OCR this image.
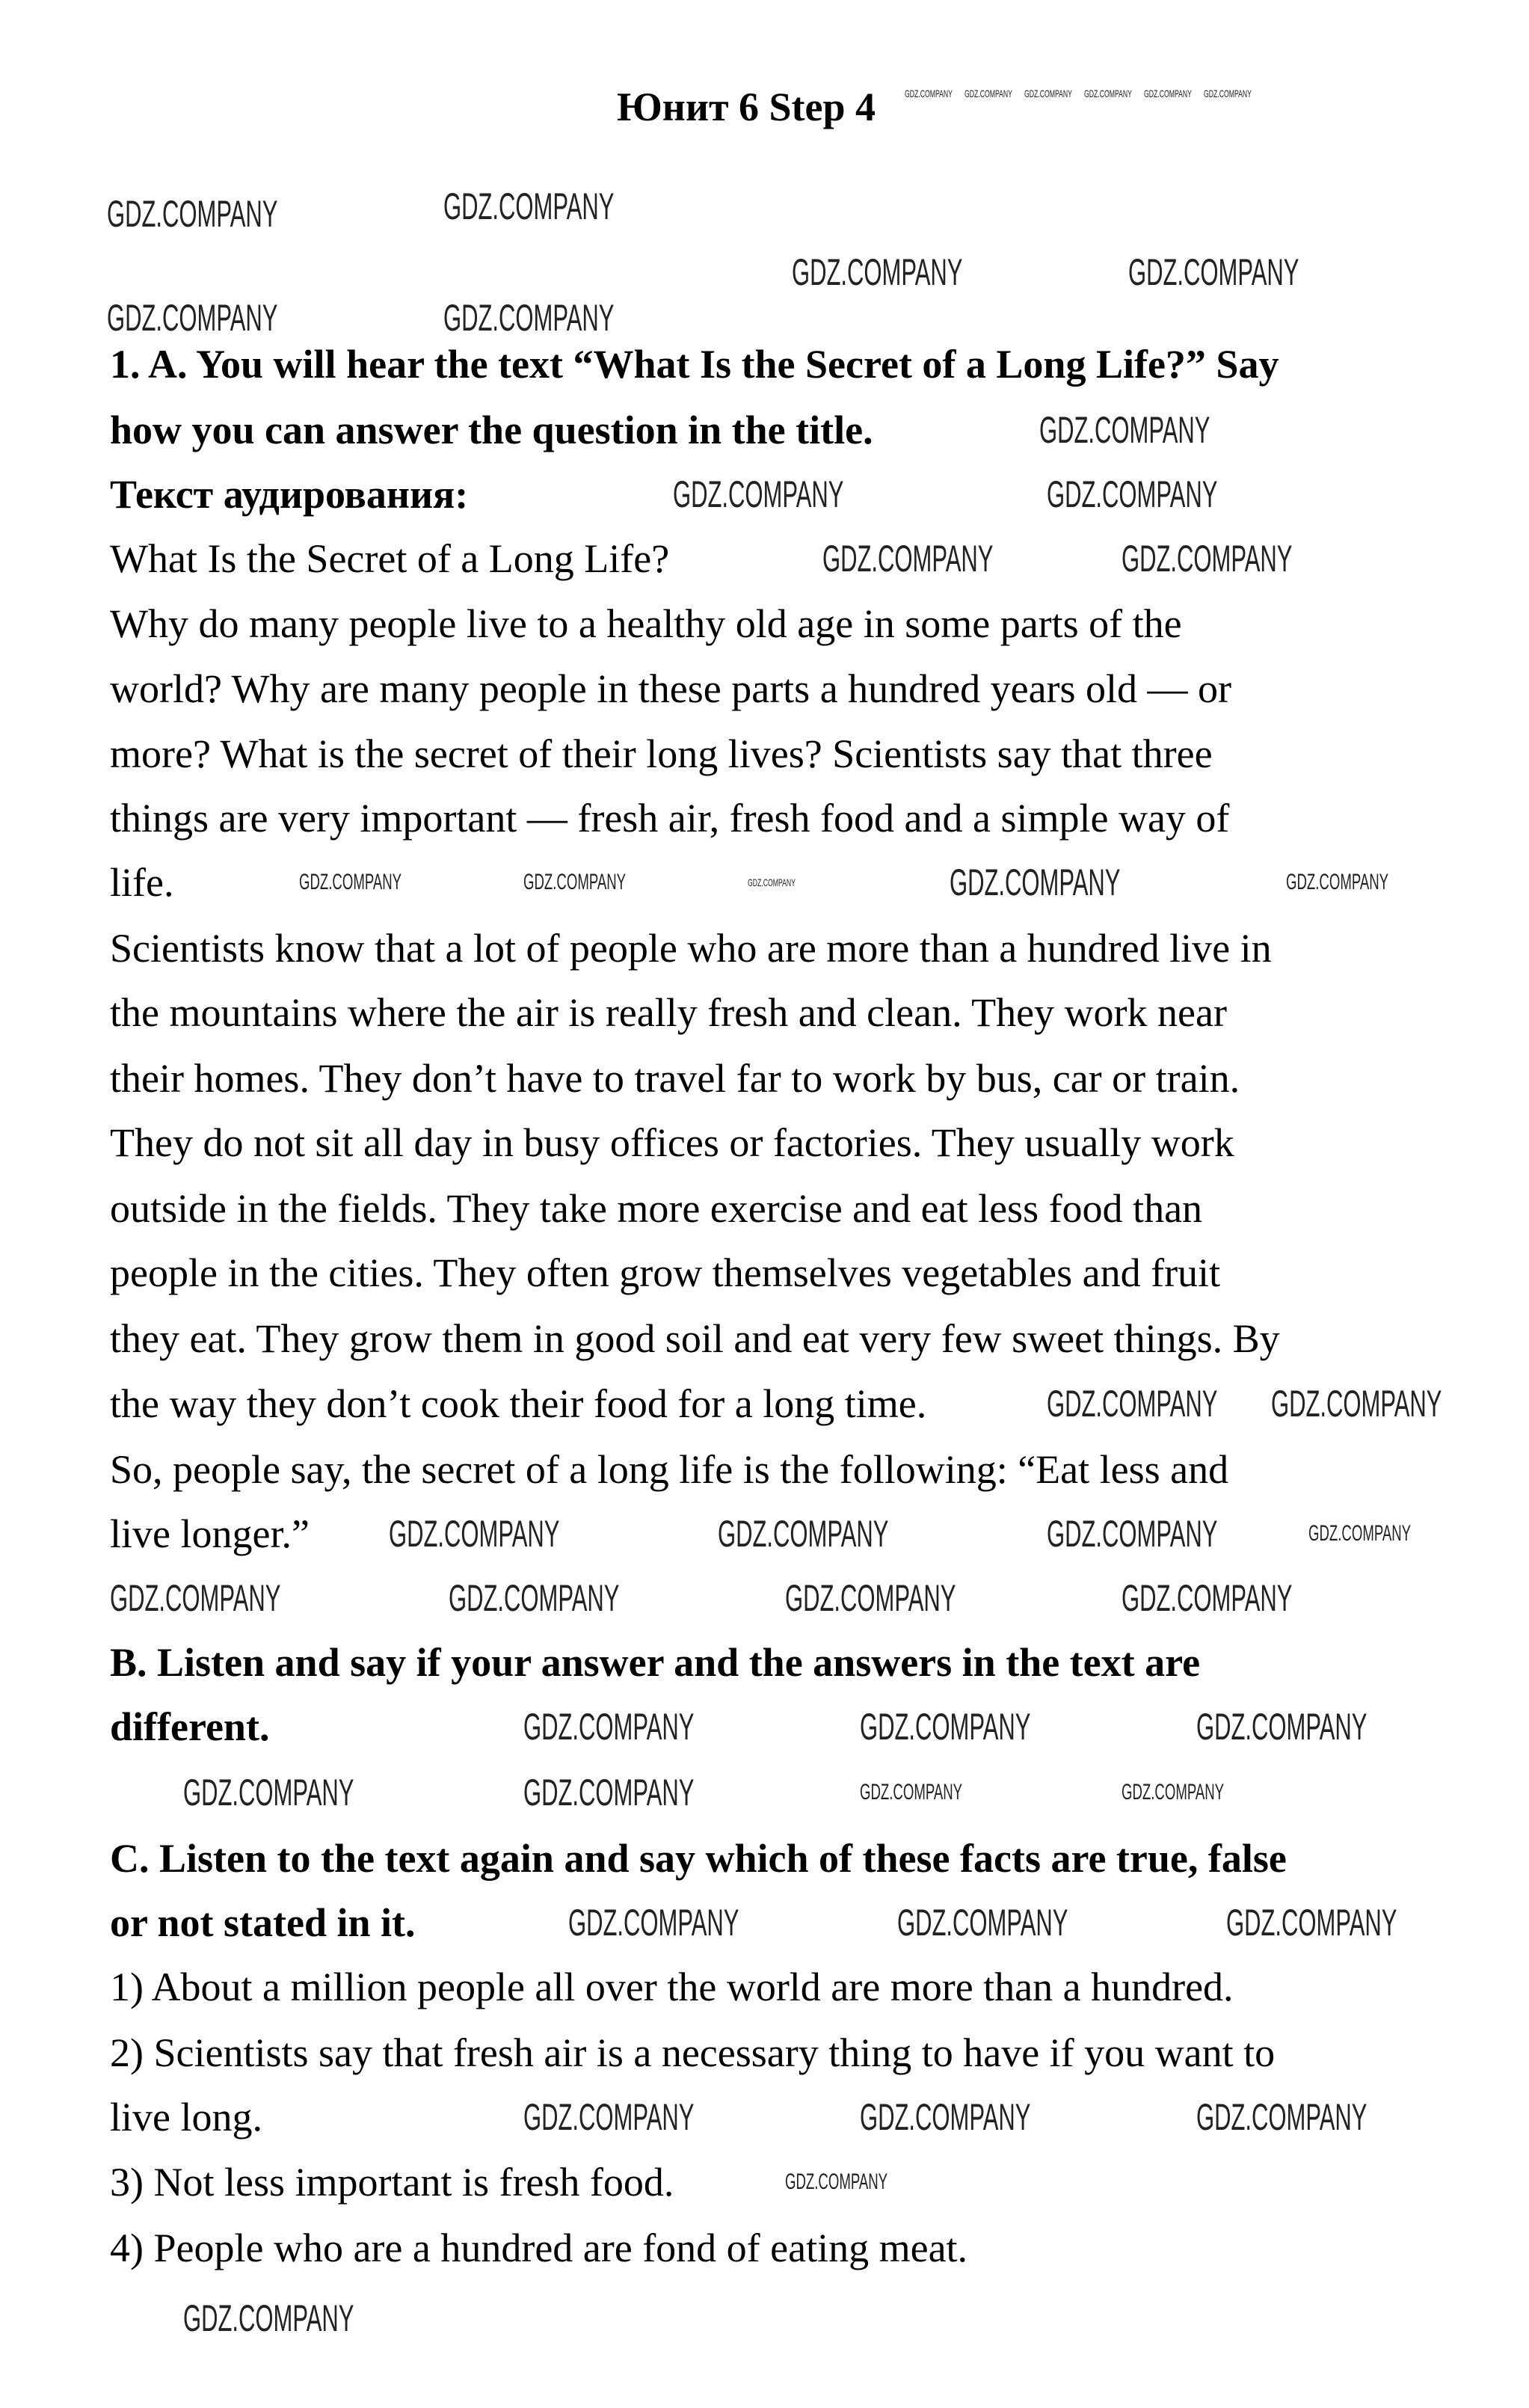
Юнит 6 Step 4
1. A. You will hear the text “What Is the Secret of a Long Life?” Say
how you can answer the question in the title.
Текст аудирования:
What Is the Secret of a Long Life?
Why do many people live to a healthy old age in some parts of the
world? Why are many people in these parts a hundred years old — or
more? What is the secret of their long lives? Scientists say that three
things are very important — fresh air, fresh food and a simple way of
life.
Scientists know that a lot of people who are more than a hundred live in
the mountains where the air is really fresh and clean. They work near
their homes. They don’t have to travel far to work by bus, car or train.
They do not sit all day in busy offices or factories. They usually work
outside in the fields. They take more exercise and eat less food than
people in the cities. They often grow themselves vegetables and fruit
they eat. They grow them in good soil and eat very few sweet things. By
the way they don’t cook their food for a long time.
So, people say, the secret of a long life is the following: “Eat less and
live longer.”
B. Listen and say if your answer and the answers in the text are
different.
C. Listen to the text again and say which of these facts are true, false
or not stated in it.
1) About a million people all over the world are more than a hundred.
2) Scientists say that fresh air is a necessary thing to have if you want to
live long.
3) Not less important is fresh food.
4) People who are a hundred are fond of eating meat.
GDZ.COMPANY GDZ.COMPANY GDZ.COMPANY GDZ.COMPANY GDZ.COMPANY GDZ.COMPANY
GDZ.COMPANY	GDZ.COMPANY
GDZ.COMPANY	GDZ.COMPANY
GDZ.COMPANY	GDZ.COMPANY
GDZ.COMPANY
GDZ.COMPANY	GDZ.COMPANY
GDZ.COMPANY	GDZ.COMPANY
GDZ.COMPANY	GDZ.COMPANY	GDZ.COMPANY	GDZ.COMPANY	GDZ.COMPANY
GDZ.COMPANY GDZ.COMPANY
GDZ.COMPANY	GDZ.COMPANY	GDZ.COMPANY	GDZ.COMPANY
GDZ.COMPANY	GDZ.COMPANY	GDZ.COMPANY	GDZ.COMPANY
GDZ.COMPANY	GDZ.COMPANY	GDZ.COMPANY
GDZ.COMPANY	GDZ.COMPANY	GDZ.COMPANY	GDZ.COMPANY
GDZ.COMPANY	GDZ.COMPANY	GDZ.COMPANY
GDZ.COMPANY	GDZ.COMPANY	GDZ.COMPANY
GDZ.COMPANY
GDZ.COMPANY
